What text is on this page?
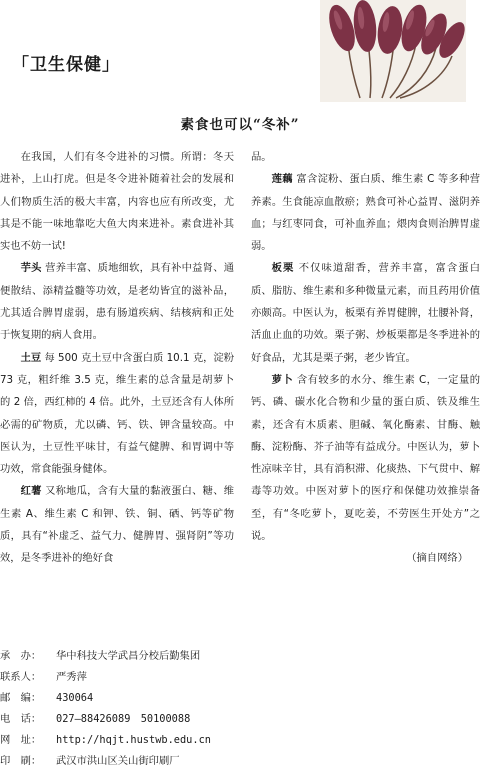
「卫生保健」
素食也可以“冬补”

在我国，人们有冬令进补的习惯。所谓：冬天进补，上山打虎。但是冬令进补随着社会的发展和人们物质生活的极大丰富，内容也应有所改变，尤其是不能一味地靠吃大鱼大肉来进补。素食进补其实也不妨一试!

芋头 营养丰富、质地细软，具有补中益肾、通便散结、添精益髓等功效，是老幼皆宜的滋补品，尤其适合脾胃虚弱，患有肠道疾病、结核病和正处于恢复期的病人食用。

土豆 每 500 克土豆中含蛋白质 10.1 克，淀粉 73 克，粗纤维 3.5 克，维生素的总含量是胡萝卜的 2 倍，西红柿的 4 倍。此外，土豆还含有人体所必需的矿物质，尤以磷、钙、铁、钾含量较高。中医认为，土豆性平味甘，有益气健脾、和胃调中等功效，常食能强身健体。

红薯 又称地瓜，含有大量的黏液蛋白、糖、维生素 A、维生素 C 和钾、铁、铜、硒、钙等矿物质，具有“补虚乏、益气力、健脾胃、强肾阴”等功效，是冬季进补的绝好食

品。

莲藕 富含淀粉、蛋白质、维生素 C 等多种营养素。生食能凉血散瘀；熟食可补心益胃、滋阴养血；与红枣同食，可补血养血；煨肉食则治脾胃虚弱。

板栗 不仅味道甜香，营养丰富，富含蛋白质、脂肪、维生素和多种微量元素，而且药用价值亦颇高。中医认为，板栗有养胃健脾，壮腰补肾，活血止血的功效。栗子粥、炒板栗都是冬季进补的好食品，尤其是栗子粥，老少皆宜。

萝卜 含有较多的水分、维生素 C，一定量的钙、磷、碳水化合物和少量的蛋白质、铁及维生素，还含有木质素、胆碱、氧化酶素、甘酶、触酶、淀粉酶、芥子油等有益成分。中医认为，萝卜性凉味辛甘，具有消积滞、化痰热、下气贯中、解毒等功效。中医对萝卜的医疗和保健功效推崇备至，有“冬吃萝卜，夏吃姜，不劳医生开处方”之说。

（摘自网络）

承　办： 华中科技大学武昌分校后勤集团
联系人： 严秀萍
邮　编： 430064
电　话： 027—88426089　50100088
网　址： http://hqjt.hustwb.edu.cn
印　刷： 武汉市洪山区关山街印刷厂
